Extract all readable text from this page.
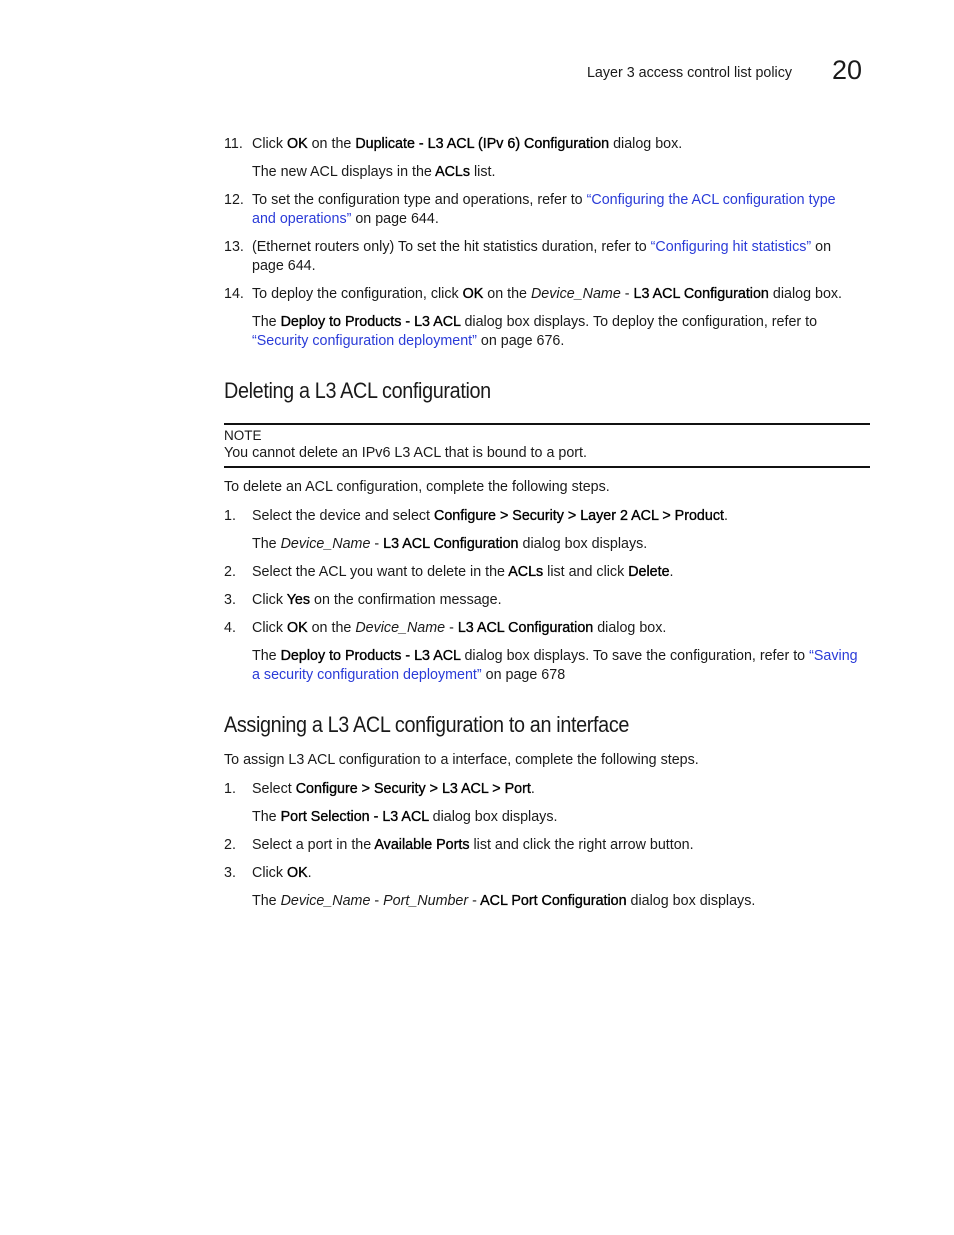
Layer 3 access control list policy 20
11. Click OK on the Duplicate - L3 ACL (IPv 6) Configuration dialog box.
The new ACL displays in the ACLs list.
12. To set the configuration type and operations, refer to “Configuring the ACL configuration type
and operations” on page 644.
13. (Ethernet routers only) To set the hit statistics duration, refer to “Configuring hit statistics” on
page 644.
14. To deploy the configuration, click OK on the Device_Name - L3 ACL Configuration dialog box.
The Deploy to Products - L3 ACL dialog box displays. To deploy the configuration, refer to
“Security configuration deployment” on page 676.
Deleting a L3 ACL configuration
NOTE
You cannot delete an IPv6 L3 ACL that is bound to a port.
To delete an ACL configuration, complete the following steps.
1.	Select the device and select Configure > Security > Layer 2 ACL > Product.
The Device_Name - L3 ACL Configuration dialog box displays.
2.	Select the ACL you want to delete in the ACLs list and click Delete.
3.	Click Yes on the confirmation message.
4.	Click OK on the Device_Name - L3 ACL Configuration dialog box.
The Deploy to Products - L3 ACL dialog box displays. To save the configuration, refer to “Saving
a security configuration deployment” on page 678
Assigning a L3 ACL configuration to an interface
To assign L3 ACL configuration to a interface, complete the following steps.
1.	Select Configure > Security > L3 ACL > Port.
The Port Selection - L3 ACL dialog box displays.
2.	Select a port in the Available Ports list and click the right arrow button.
3.	Click OK.
The Device_Name - Port_Number - ACL Port Configuration dialog box displays.
